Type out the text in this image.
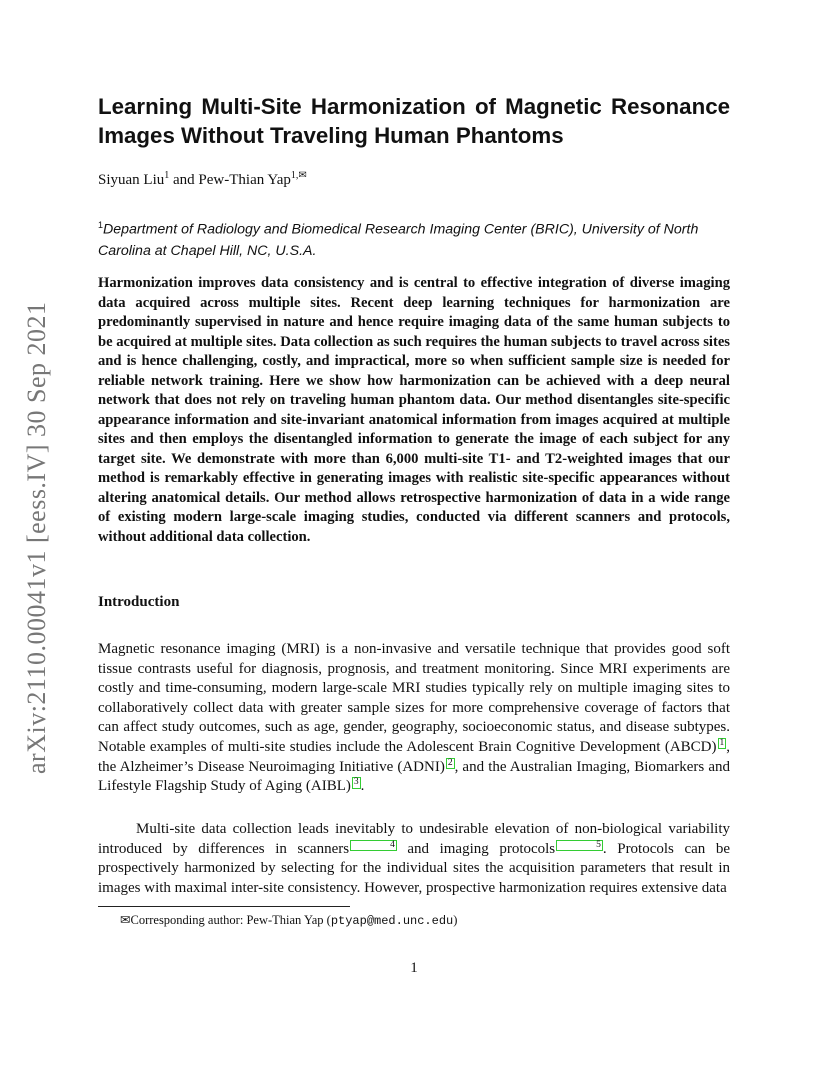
arXiv:2110.00041v1 [eess.IV] 30 Sep 2021
Learning Multi-Site Harmonization of Magnetic Resonance Images Without Traveling Human Phantoms
Siyuan Liu$^1$ and Pew-Thian Yap$^{1,✉}$
$^1$Department of Radiology and Biomedical Research Imaging Center (BRIC), University of North Carolina at Chapel Hill, NC, U.S.A.

Harmonization improves data consistency and is central to effective integration of diverse imaging data acquired across multiple sites. Recent deep learning techniques for harmonization are predominantly supervised in nature and hence require imaging data of the same human subjects to be acquired at multiple sites. Data collection as such requires the human subjects to travel across sites and is hence challenging, costly, and impractical, more so when sufficient sample size is needed for reliable network training. Here we show how harmonization can be achieved with a deep neural network that does not rely on traveling human phantom data. Our method disentangles site-specific appearance information and site-invariant anatomical information from images acquired at multiple sites and then employs the disentangled information to generate the image of each subject for any target site. We demonstrate with more than 6,000 multi-site T1- and T2-weighted images that our method is remarkably effective in generating images with realistic site-specific appearances without altering anatomical details. Our method allows retrospective harmonization of data in a wide range of existing modern large-scale imaging studies, conducted via different scanners and protocols, without additional data collection.

Introduction

Magnetic resonance imaging (MRI) is a non-invasive and versatile technique that provides good soft tissue contrasts useful for diagnosis, prognosis, and treatment monitoring. Since MRI experiments are costly and time-consuming, modern large-scale MRI studies typically rely on multiple imaging sites to collaboratively collect data with greater sample sizes for more comprehensive coverage of factors that can affect study outcomes, such as age, gender, geography, socioeconomic status, and disease subtypes. Notable examples of multi-site studies include the Adolescent Brain Cognitive Development (ABCD) 1 , the Alzheimer’s Disease Neuroimaging Initiative (ADNI) 2 , and the Australian Imaging, Biomarkers and Lifestyle Flagship Study of Aging (AIBL) 3 .

Multi-site data collection leads inevitably to undesirable elevation of non-biological variability introduced by differences in scanners	4 and imaging protocols	5 . Protocols can be prospectively harmonized by selecting for the individual sites the acquisition parameters that result in images with maximal inter-site consistency. However, prospective harmonization requires extensive data

✉Corresponding author: Pew-Thian Yap (ptyap@med.unc.edu)
1
